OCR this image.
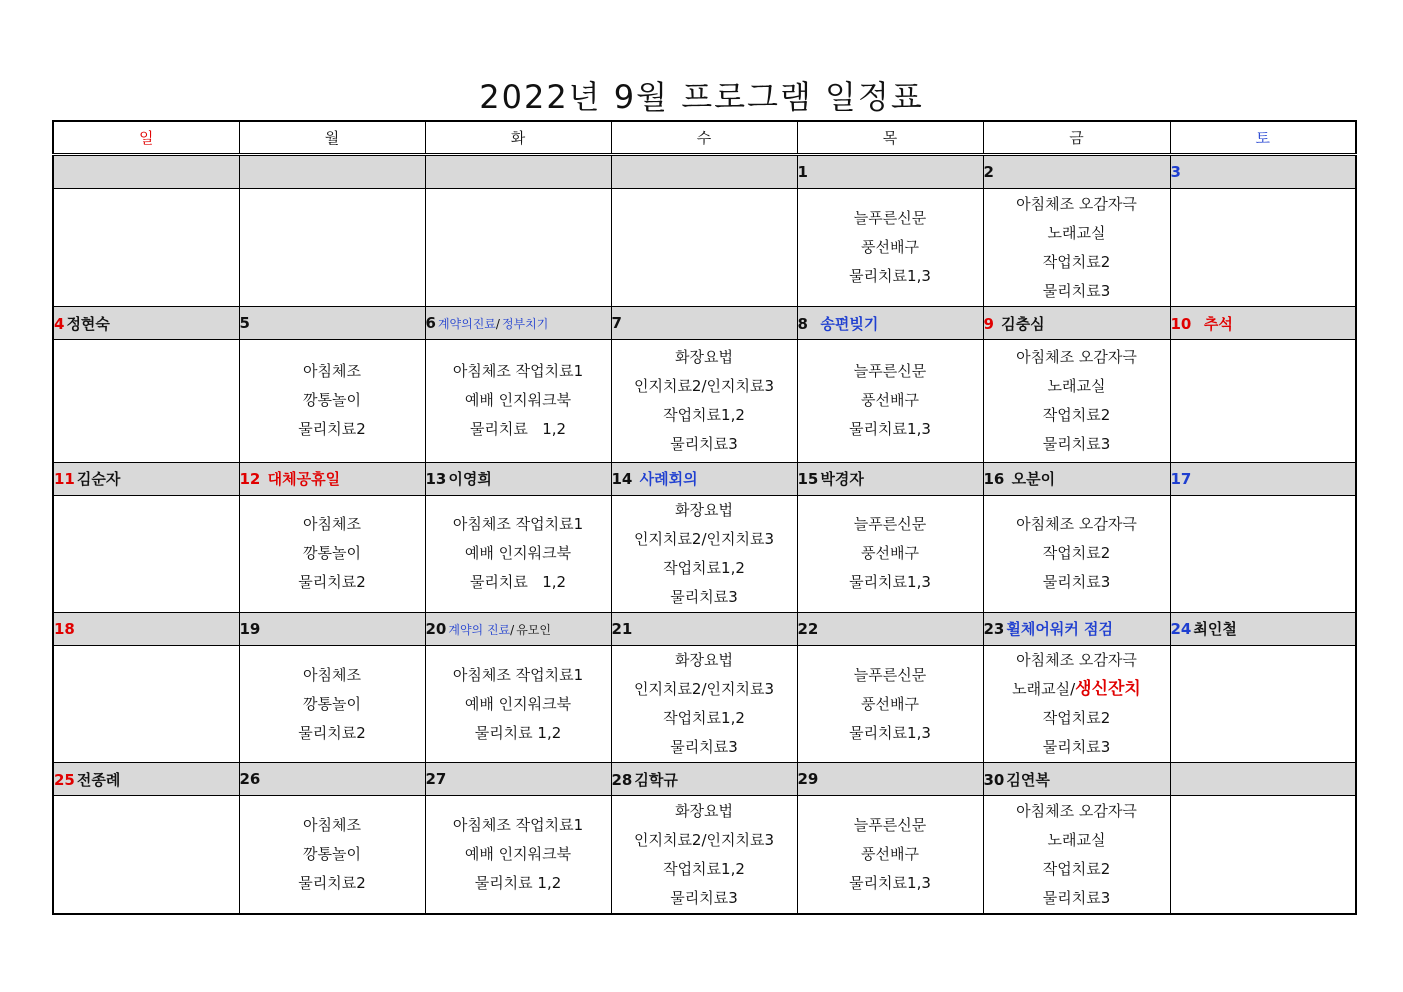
2022년 9월 프로그램 일정표
일	월	화	수	목	금	토
				1	2	3

				늘푸른신문
풍선배구
물리치료1,3	아침체조 오감자극
노래교실
작업치료2
물리치료3	

4 정현숙	5	6 계약의진료/ 정부치기	7	8 송편빚기	9 김충심	10 추석

	아침체조
깡통놀이
물리치료2	아침체조 작업치료1
예배 인지워크북
물리치료   1,2	화장요법
인지치료2/인지치료3
작업치료1,2
물리치료3	늘푸른신문
풍선배구
물리치료1,3	아침체조 오감자극
노래교실
작업치료2
물리치료3	

11 김순자	12 대체공휴일	13 이영희	14 사례회의	15 박경자	16 오분이	17

	아침체조
깡통놀이
물리치료2	아침체조 작업치료1
예배 인지워크북
물리치료   1,2	화장요법
인지치료2/인지치료3
작업치료1,2
물리치료3	늘푸른신문
풍선배구
물리치료1,3	아침체조 오감자극
작업치료2
물리치료3	

18	19	20 계약의 진료/ 유모인	21	22	23 휠체어워커 점검	24 최인철

	아침체조
깡통놀이
물리치료2	아침체조 작업치료1
예배 인지워크북
물리치료 1,2	화장요법
인지치료2/인지치료3
작업치료1,2
물리치료3	늘푸른신문
풍선배구
물리치료1,3	아침체조 오감자극
노래교실/생신잔치
작업치료2
물리치료3	

25 전종례	26	27	28 김학규	29	30 김연복	

	아침체조
깡통놀이
물리치료2	아침체조 작업치료1
예배 인지워크북
물리치료 1,2	화장요법
인지치료2/인지치료3
작업치료1,2
물리치료3	늘푸른신문
풍선배구
물리치료1,3	아침체조 오감자극
노래교실
작업치료2
물리치료3	
